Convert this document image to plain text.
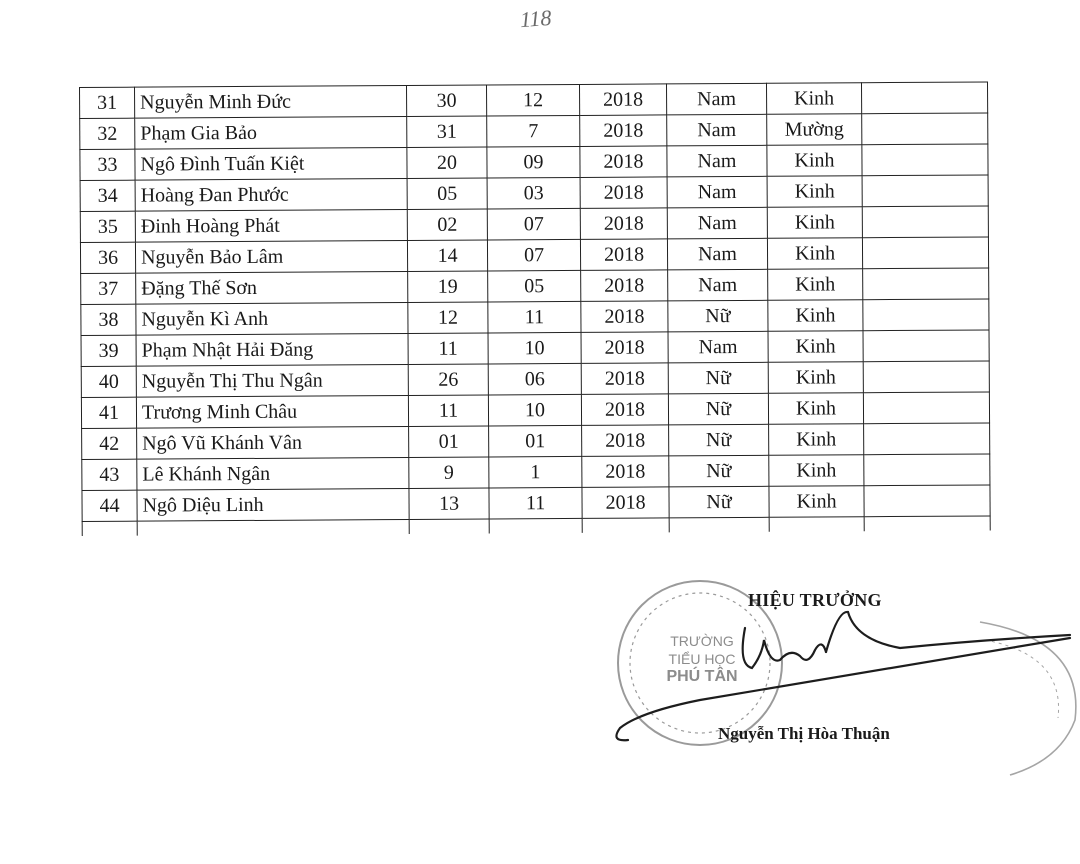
118
31	Nguyễn Minh Đức	30	12	2018	Nam	Kinh	
32	Phạm Gia Bảo	31	7	2018	Nam	Mường	
33	Ngô Đình Tuấn Kiệt	20	09	2018	Nam	Kinh	
34	Hoàng Đan Phước	05	03	2018	Nam	Kinh	
35	Đinh Hoàng Phát	02	07	2018	Nam	Kinh	
36	Nguyễn Bảo Lâm	14	07	2018	Nam	Kinh	
37	Đặng Thế Sơn	19	05	2018	Nam	Kinh	
38	Nguyễn Kì Anh	12	11	2018	Nữ	Kinh	
39	Phạm Nhật Hải Đăng	11	10	2018	Nam	Kinh	
40	Nguyễn Thị Thu Ngân	26	06	2018	Nữ	Kinh	
41	Trương Minh Châu	11	10	2018	Nữ	Kinh	
42	Ngô Vũ Khánh Vân	01	01	2018	Nữ	Kinh	
43	Lê Khánh Ngân	9	1	2018	Nữ	Kinh	
44	Ngô Diệu Linh	13	11	2018	Nữ	Kinh	

TRƯỜNG
TIỂU HỌC
PHÚ TÂN
HIỆU TRƯỞNG
Nguyễn Thị Hòa Thuận
